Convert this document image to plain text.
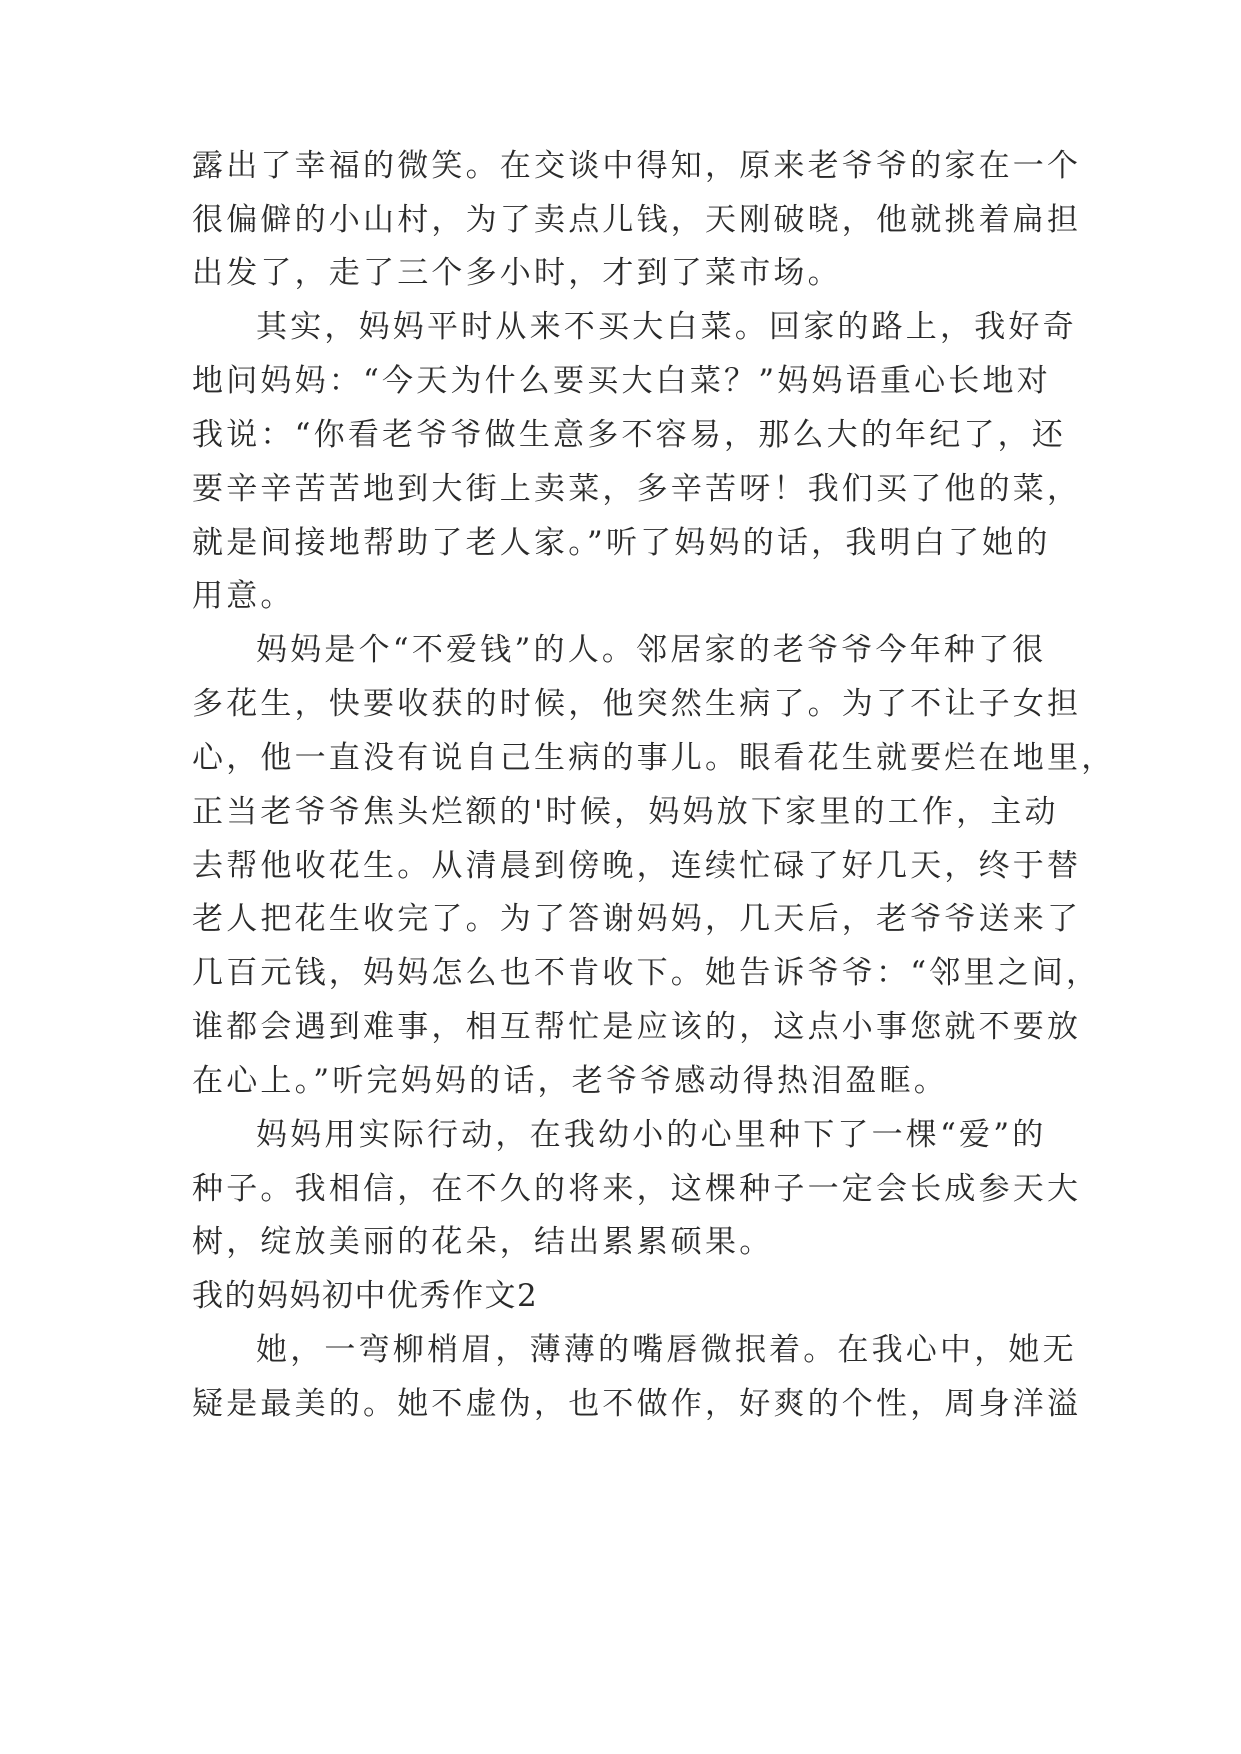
露出了幸福的微笑。在交谈中得知，原来老爷爷的家在一个
很偏僻的小山村，为了卖点儿钱，天刚破晓，他就挑着扁担
出发了，走了三个多小时，才到了菜市场。
其实，妈妈平时从来不买大白菜。回家的路上，我好奇
地问妈妈：“今天为什么要买大白菜？”妈妈语重心长地对
我说：“你看老爷爷做生意多不容易，那么大的年纪了，还
要辛辛苦苦地到大街上卖菜，多辛苦呀！我们买了他的菜，
就是间接地帮助了老人家。”听了妈妈的话，我明白了她的
用意。
妈妈是个“不爱钱”的人。邻居家的老爷爷今年种了很
多花生，快要收获的时候，他突然生病了。为了不让子女担
心，他一直没有说自己生病的事儿。眼看花生就要烂在地里，
正当老爷爷焦头烂额的'时候，妈妈放下家里的工作，主动
去帮他收花生。从清晨到傍晚，连续忙碌了好几天，终于替
老人把花生收完了。为了答谢妈妈，几天后，老爷爷送来了
几百元钱，妈妈怎么也不肯收下。她告诉爷爷：“邻里之间，
谁都会遇到难事，相互帮忙是应该的，这点小事您就不要放
在心上。”听完妈妈的话，老爷爷感动得热泪盈眶。
妈妈用实际行动，在我幼小的心里种下了一棵“爱”的
种子。我相信，在不久的将来，这棵种子一定会长成参天大
树，绽放美丽的花朵，结出累累硕果。
我的妈妈初中优秀作文2
她，一弯柳梢眉，薄薄的嘴唇微抿着。在我心中，她无
疑是最美的。她不虚伪，也不做作，好爽的个性，周身洋溢
